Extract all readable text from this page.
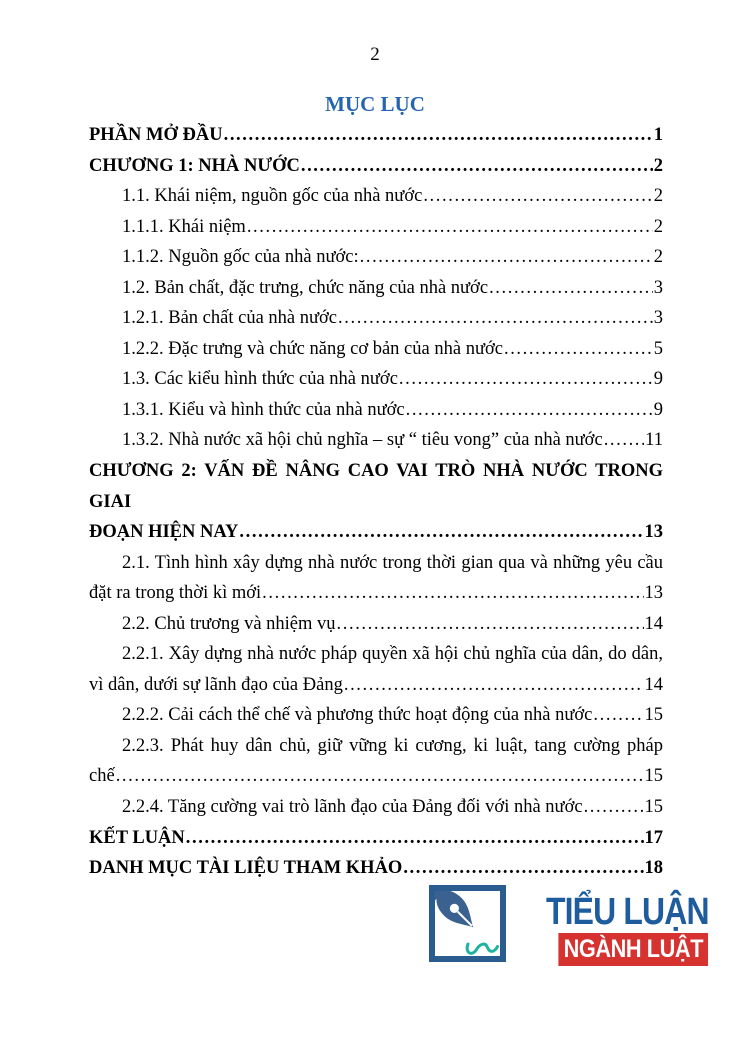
2
MỤC LỤC
PHẦN MỞ ĐẦU .....	1
CHƯƠNG 1: NHÀ NƯỚC .....	2
1.1. Khái niệm, nguồn gốc của nhà nước .....	2
1.1.1. Khái niệm .....	2
1.1.2. Nguồn gốc của nhà nước: .....	2
1.2. Bản chất, đặc trưng, chức năng của nhà nước .....	3
1.2.1. Bản chất của nhà nước .....	3
1.2.2. Đặc trưng và chức năng cơ bản của nhà nước .....	5
1.3. Các kiểu hình thức của nhà nước .....	9
1.3.1. Kiểu và hình thức của nhà nước .....	9
1.3.2. Nhà nước xã hội chủ nghĩa – sự “ tiêu vong” của nhà nước ..... 11
CHƯƠNG 2: VẤN ĐỀ NÂNG CAO VAI TRÒ NHÀ NƯỚC TRONG GIAI
ĐOẠN HIỆN NAY .....	13
2.1. Tình hình xây dựng nhà nước trong thời gian qua và những yêu cầu
đặt ra trong thời kì mới .....	13
2.2. Chủ trương và nhiệm vụ .....	14
2.2.1. Xây dựng nhà nước pháp quyền xã hội chủ nghĩa của dân, do dân,
vì dân, dưới sự lãnh đạo của Đảng .....	14
2.2.2. Cải cách thể chế và phương thức hoạt động của nhà nước .....	15
2.2.3. Phát huy dân chủ, giữ vững ki cương, ki luật, tang cường pháp
chế .....	15
2.2.4. Tăng cường vai trò lãnh đạo của Đảng đối với nhà nước .....	15
KẾT LUẬN .....	17
DANH MỤC TÀI LIỆU THAM KHẢO .....	18
TIỂU LUẬN
NGÀNH LUẬT
